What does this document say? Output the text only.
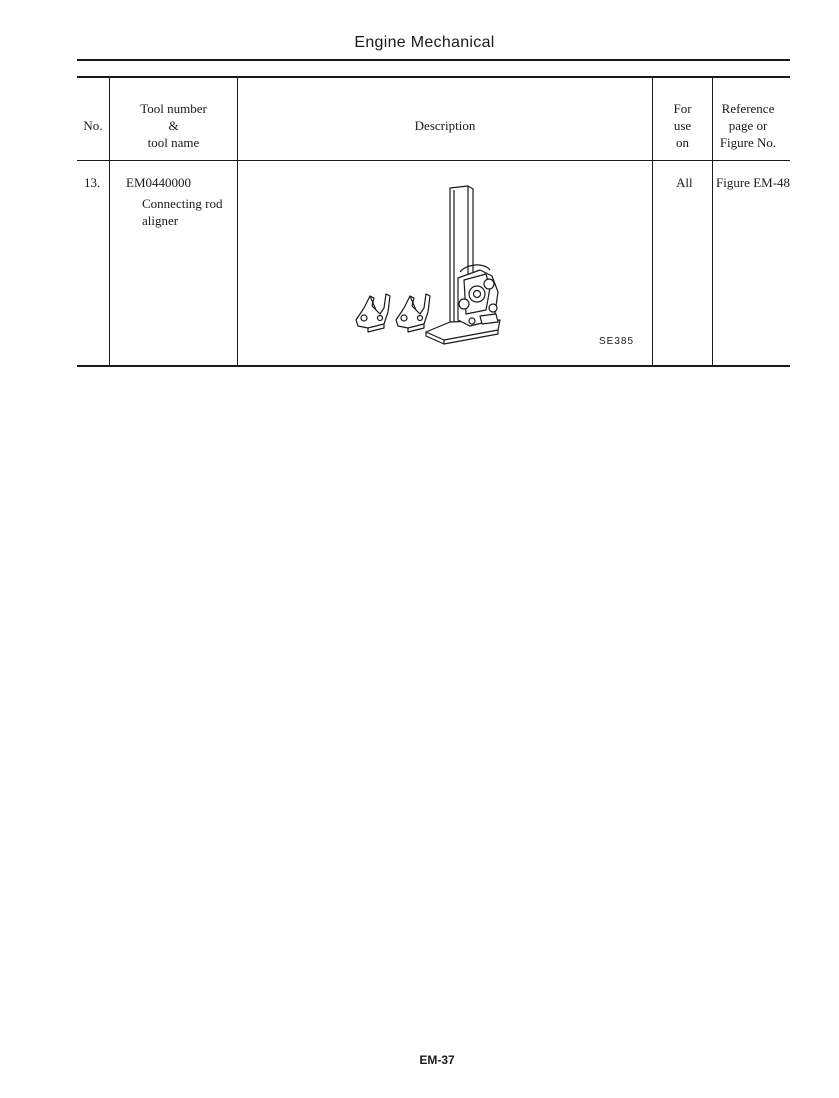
Engine Mechanical
No.
Tool number
&
tool name
Description
For
use
on
Reference
page or
Figure No.
13. EM0440000
Connecting rod
aligner
All Figure EM-48
SE385
EM-37
